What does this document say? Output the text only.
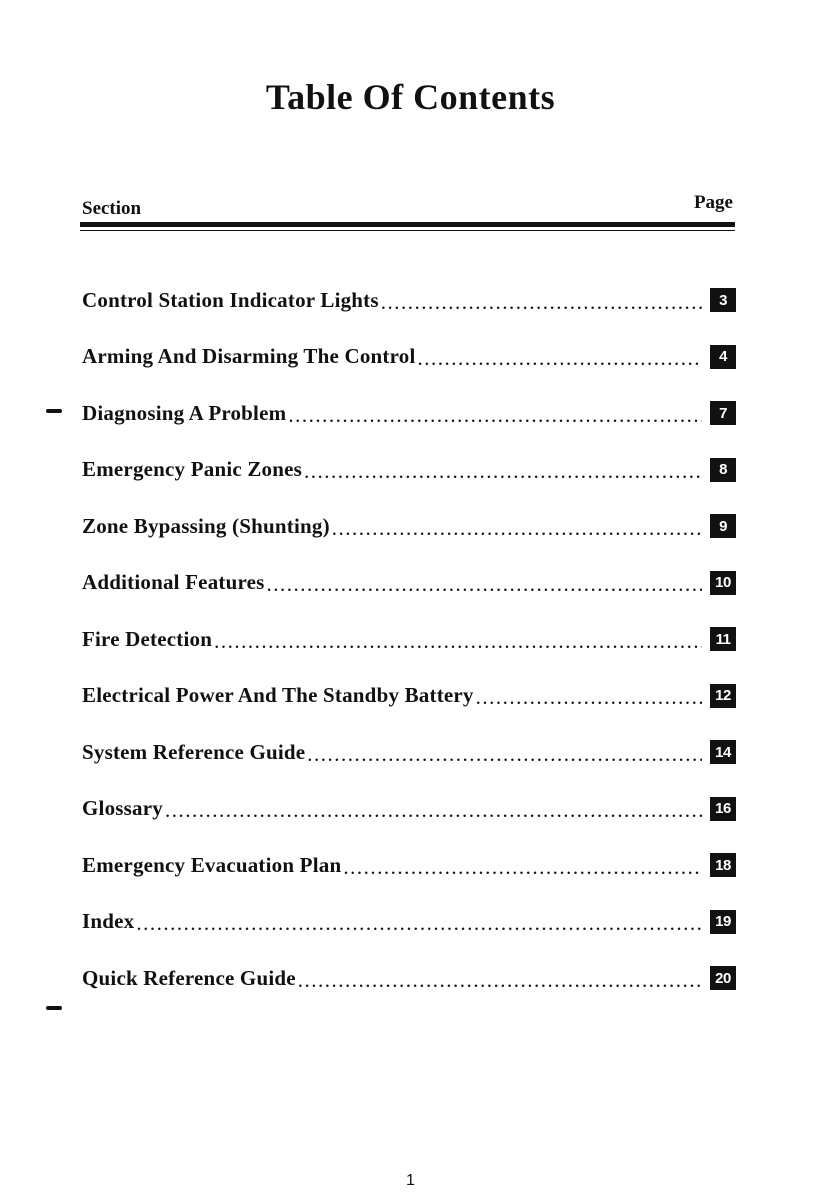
Table Of Contents
Section	Page
Control Station Indicator Lights .....	3
Arming And Disarming The Control .....	4
Diagnosing A Problem .....	7
Emergency Panic Zones .....	8
Zone Bypassing (Shunting) .....	9
Additional Features .....	10
Fire Detection .....	11
Electrical Power And The Standby Battery .....	12
System Reference Guide .....	14
Glossary .....	16
Emergency Evacuation Plan .....	18
Index .....	19
Quick Reference Guide .....	20
1
